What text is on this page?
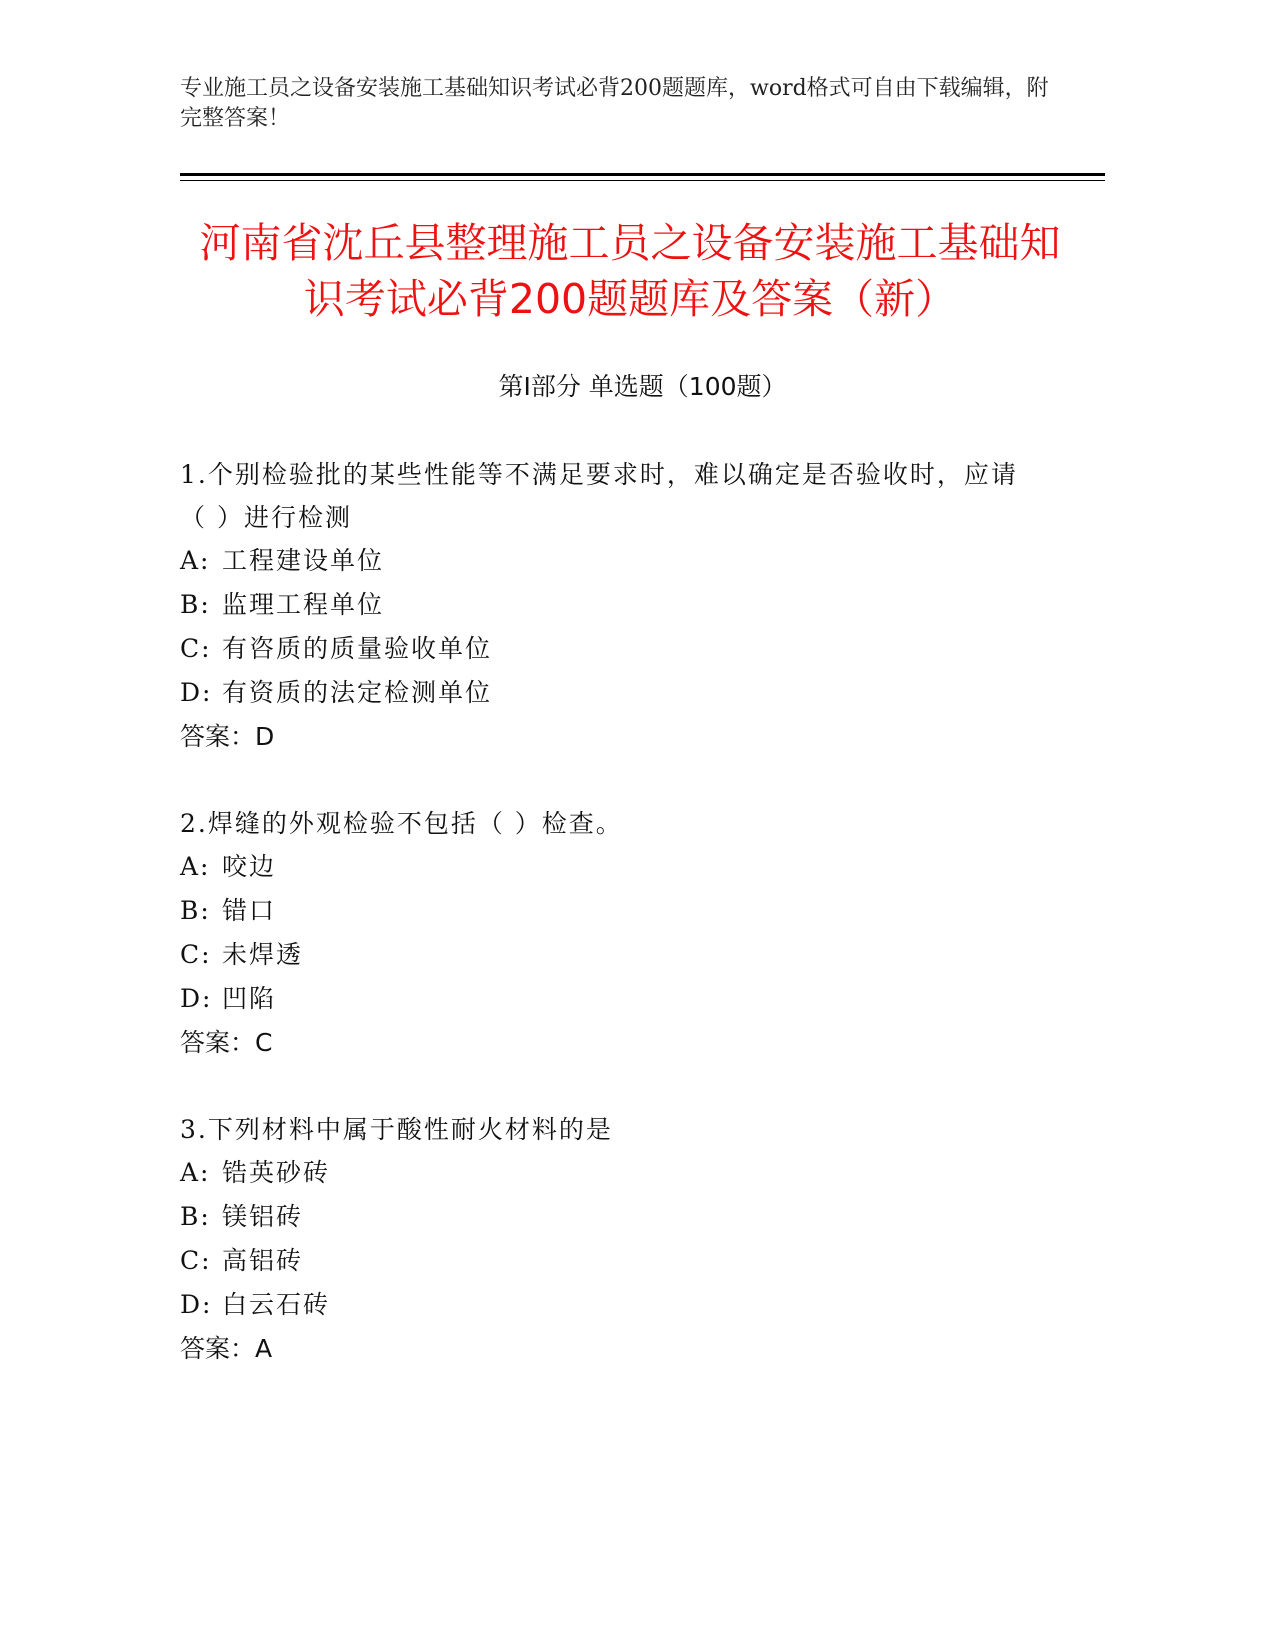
专业施工员之设备安装施工基础知识考试必背200题题库，word格式可自由下载编辑，附完整答案！
河南省沈丘县整理施工员之设备安装施工基础知识考试必背200题题库及答案（新）
第Ⅰ部分 单选题（100题）
1.个别检验批的某些性能等不满足要求时，难以确定是否验收时，应请（ ）进行检测
A: 工程建设单位
B: 监理工程单位
C: 有咨质的质量验收单位
D: 有资质的法定检测单位
答案：D
2.焊缝的外观检验不包括（ ）检查。
A: 咬边
B: 错口
C: 未焊透
D: 凹陷
答案：C
3.下列材料中属于酸性耐火材料的是
A: 锆英砂砖
B: 镁铝砖
C: 高铝砖
D: 白云石砖
答案：A
